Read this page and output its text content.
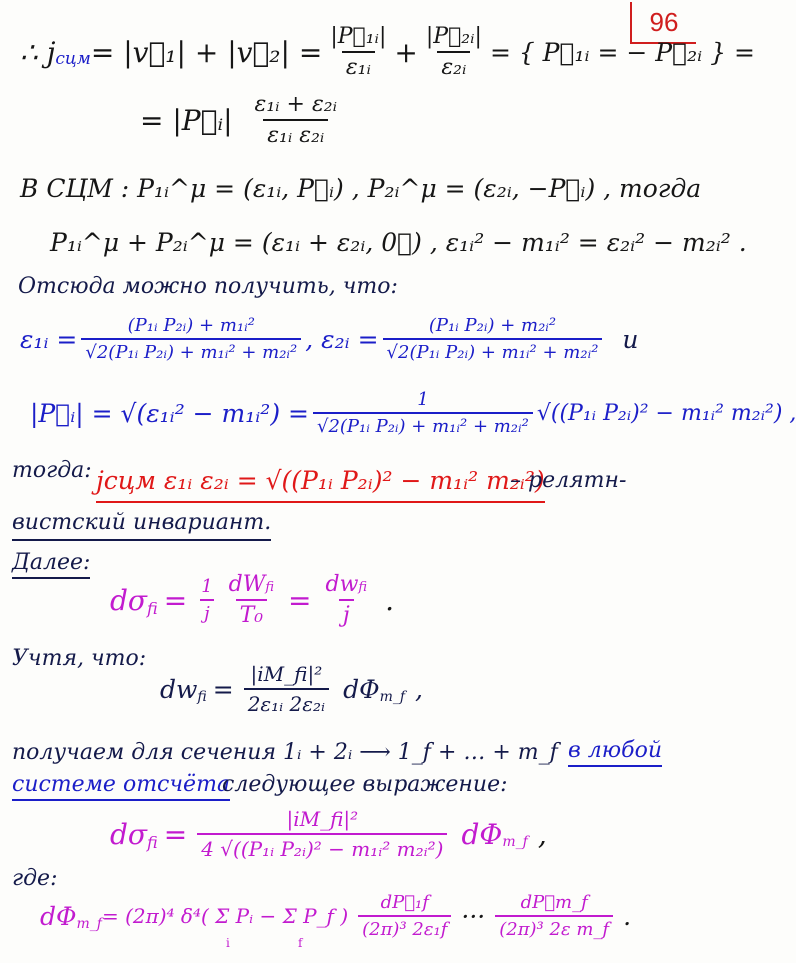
96
∴ j сцм = |v⃗₁| + |v⃗₂| = $\frac{\text{|P⃗₁ᵢ|}}{\text{ε₁ᵢ}} + \frac{\text{|P⃗₂ᵢ|}}{\text{ε₂ᵢ}}$ = { P⃗₁ᵢ = − P⃗₂ᵢ } =
= |P⃗ᵢ| $\frac{\text{ε₁ᵢ + ε₂ᵢ}}{\text{ε₁ᵢ ε₂ᵢ}}$
В СЦМ : P₁ᵢ^μ = (ε₁ᵢ, P⃗ᵢ) , P₂ᵢ^μ = (ε₂ᵢ, −P⃗ᵢ) , тогда
P₁ᵢ^μ + P₂ᵢ^μ = (ε₁ᵢ + ε₂ᵢ, 0⃗) , ε₁ᵢ² − m₁ᵢ² = ε₂ᵢ² − m₂ᵢ² .
Отсюда можно получить, что:
ε₁ᵢ = $\frac{\text{(P₁ᵢ P₂ᵢ) + m₁ᵢ²}}{\text{√2(P₁ᵢ P₂ᵢ) + m₁ᵢ² + m₂ᵢ²}}$ , ε₂ᵢ = $\frac{\text{(P₁ᵢ P₂ᵢ) + m₂ᵢ²}}{\text{√2(P₁ᵢ P₂ᵢ) + m₁ᵢ² + m₂ᵢ²}}$ и
|P⃗ᵢ| = √(ε₁ᵢ² − m₁ᵢ²) = $\frac{1}{\text{√2(P₁ᵢ P₂ᵢ) + m₁ᵢ² + m₂ᵢ²}}$ √((P₁ᵢ P₂ᵢ)² − m₁ᵢ² m₂ᵢ²) ,
тогда: jсцм ε₁ᵢ ε₂ᵢ = √((P₁ᵢ P₂ᵢ)² − m₁ᵢ² m₂ᵢ²)
– релятн-
вистский инвариант.
Далее:
dσ fi = $\frac{1}{j} \frac{\text{dWfi}}{\text{T₀}} = \frac{\text{dwfi}}{j}$ .
Учтя, что:
dw fi = $\frac{\text{|iM\_fi|²}}{\text{2ε₁ᵢ 2ε₂ᵢ}}$ dΦ m_f ,
получаем для сечения 1ᵢ + 2ᵢ ⟶ 1_f + … + m_f в любой
системе отсчёта
следующее выражение:
dσ fi = $\frac{\text{|iM\_fi|²}}{\text{4 √((P₁ᵢ P₂ᵢ)² − m₁ᵢ² m₂ᵢ²)}}$ dΦ m_f ,
где:
dΦ m_f = (2π)⁴ δ⁴( Σ Pᵢ − Σ P_f ) $\frac{\text{dP⃗₁f}}{\text{(2π)³ 2ε₁f}}$ ··· $\frac{dP⃗m\_f}{\text{(2π)³ 2ε m\_f}}$ .
i	f
